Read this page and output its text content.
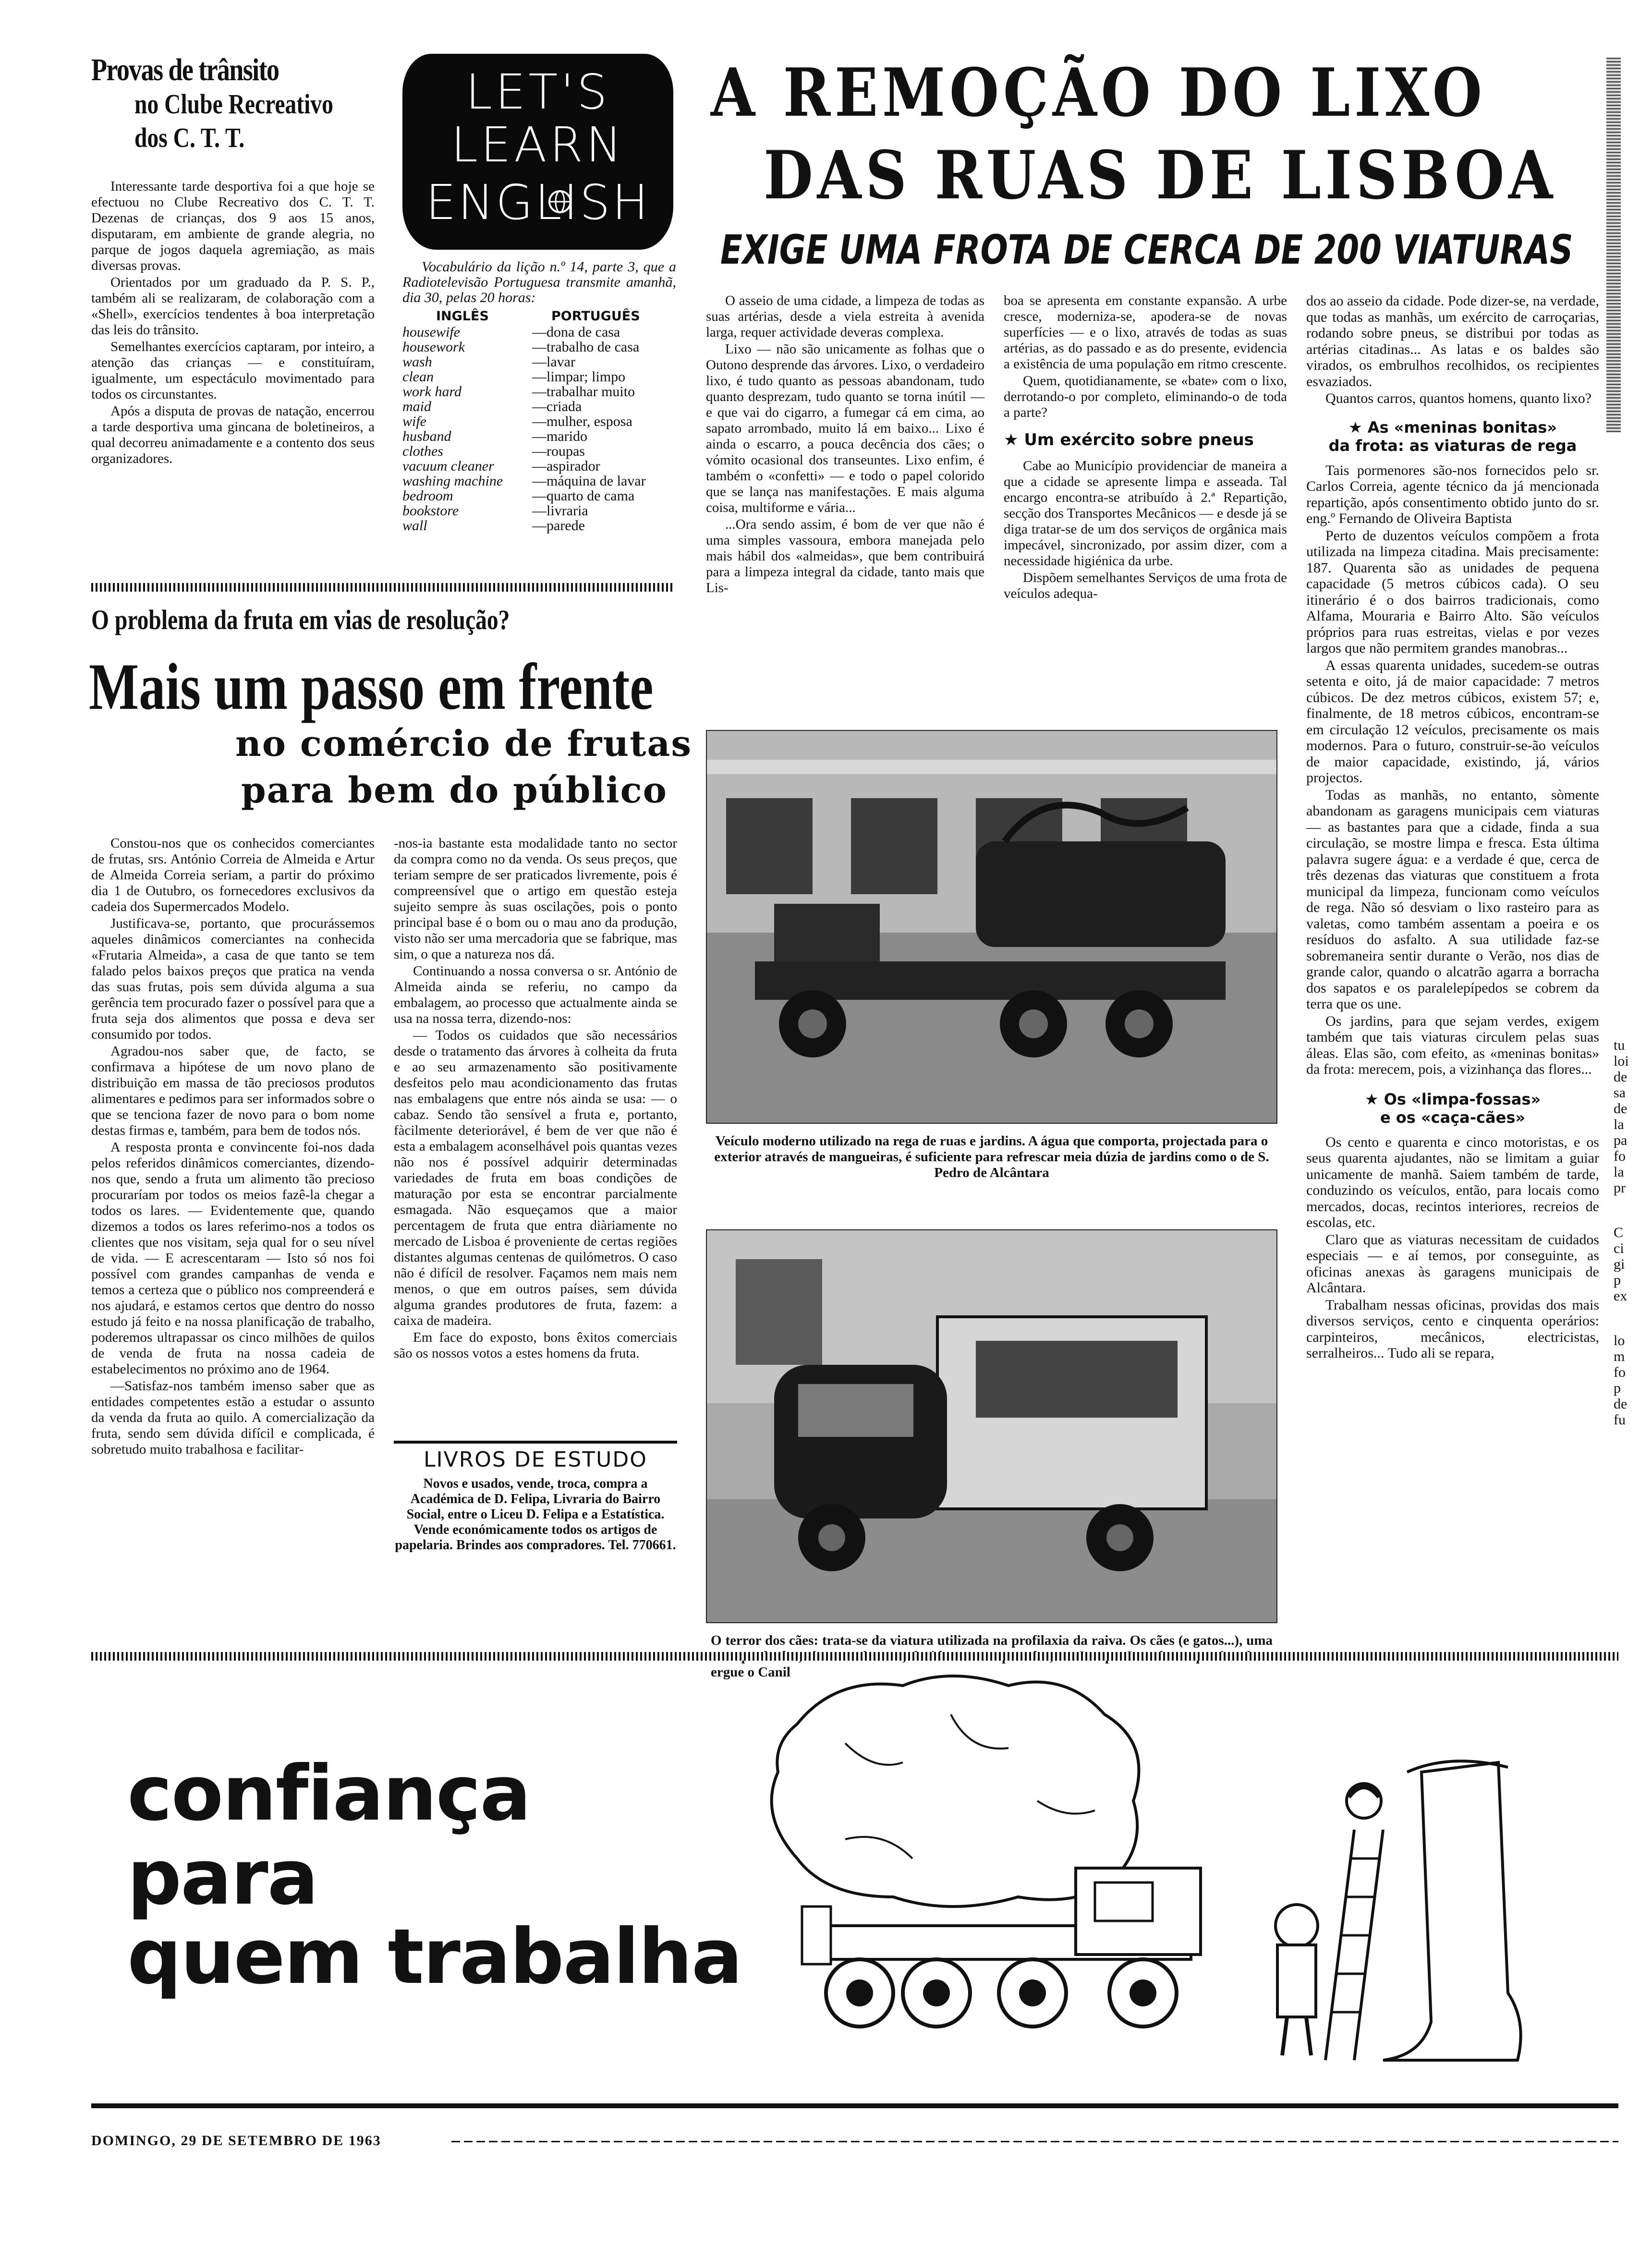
Provas de trânsito
no Clube Recreativo
dos C. T. T.

Interessante tarde desportiva foi a que hoje se efectuou no Clube Recreativo dos C. T. T. Dezenas de crianças, dos 9 aos 15 anos, disputaram, em ambiente de grande alegria, no parque de jogos daquela agremiação, as mais diversas provas.

Orientados por um graduado da P. S. P., também ali se realizaram, de colaboração com a «Shell», exercícios tendentes à boa interpretação das leis do trânsito.

Semelhantes exercícios captaram, por inteiro, a atenção das crianças — e constituíram, igualmente, um espectáculo movimentado para todos os circunstantes.

Após a disputa de provas de natação, encerrou a tarde desportiva uma gincana de boletineiros, a qual decorreu animadamente e a contento dos seus organizadores.

LET'S
LEARN
ENGLISH
Vocabulário da lição n.º 14, parte 3, que a Radiotelevisão Portuguesa transmite amanhã, dia 30, pelas 20 horas:
INGLÊS	PORTUGUÊS
housewife	—dona de casa
housework	—trabalho de casa
wash	—lavar
clean	—limpar; limpo
work hard	—trabalhar muito
maid	—criada
wife	—mulher, esposa
husband	—marido
clothes	—roupas
vacuum cleaner	—aspirador
washing machine	—máquina de lavar
bedroom	—quarto de cama
bookstore	—livraria
wall	—parede
A REMOÇÃO DO LIXO
DAS RUAS DE LISBOA
EXIGE UMA FROTA DE CERCA DE 200 VIATURAS

O asseio de uma cidade, a limpeza de todas as suas artérias, desde a viela estreita à avenida larga, requer actividade deveras complexa.

Lixo — não são unicamente as folhas que o Outono desprende das árvores. Lixo, o verdadeiro lixo, é tudo quanto as pessoas abandonam, tudo quanto desprezam, tudo quanto se torna inútil — e que vai do cigarro, a fumegar cá em cima, ao sapato arrombado, muito lá em baixo... Lixo é ainda o escarro, a pouca decência dos cães; o vómito ocasional dos transeuntes. Lixo enfim, é também o «confetti» — e todo o papel colorido que se lança nas manifestações. E mais alguma coisa, multiforme e vária...

...Ora sendo assim, é bom de ver que não é uma simples vassoura, embora manejada pelo mais hábil dos «almeidas», que bem contribuirá para a limpeza integral da cidade, tanto mais que Lis-

boa se apresenta em constante expansão. A urbe cresce, moderniza-se, apodera-se de novas superfícies — e o lixo, através de todas as suas artérias, as do passado e as do presente, evidencia a existência de uma população em ritmo crescente.

Quem, quotidianamente, se «bate» com o lixo, derrotando-o por completo, eliminando-o de toda a parte?

★ Um exército sobre pneus

Cabe ao Município providenciar de maneira a que a cidade se apresente limpa e asseada. Tal encargo encontra-se atribuído à 2.ª Repartição, secção dos Transportes Mecânicos — e desde já se diga tratar-se de um dos serviços de orgânica mais impecável, sincronizado, por assim dizer, com a necessidade higiénica da urbe.

Dispõem semelhantes Serviços de uma frota de veículos adequa-

dos ao asseio da cidade. Pode dizer-se, na verdade, que todas as manhãs, um exército de carroçarias, rodando sobre pneus, se distribui por todas as artérias citadinas... As latas e os baldes são virados, os embrulhos recolhidos, os recipientes esvaziados.

Quantos carros, quantos homens, quanto lixo?

★ As «meninas bonitas»
da frota: as viaturas de rega

Tais pormenores são-nos fornecidos pelo sr. Carlos Correia, agente técnico da já mencionada repartição, após consentimento obtido junto do sr. eng.º Fernando de Oliveira Baptista

Perto de duzentos veículos compõem a frota utilizada na limpeza citadina. Mais precisamente: 187. Quarenta são as unidades de pequena capacidade (5 metros cúbicos cada). O seu itinerário é o dos bairros tradicionais, como Alfama, Mouraria e Bairro Alto. São veículos próprios para ruas estreitas, vielas e por vezes largos que não permitem grandes manobras...

A essas quarenta unidades, sucedem-se outras setenta e oito, já de maior capacidade: 7 metros cúbicos. De dez metros cúbicos, existem 57; e, finalmente, de 18 metros cúbicos, encontram-se em circulação 12 veículos, precisamente os mais modernos. Para o futuro, construir-se-ão veículos de maior capacidade, existindo, já, vários projectos.

Todas as manhãs, no entanto, sòmente abandonam as garagens municipais cem viaturas — as bastantes para que a cidade, finda a sua circulação, se mostre limpa e fresca. Esta última palavra sugere água: e a verdade é que, cerca de três dezenas das viaturas que constituem a frota municipal da limpeza, funcionam como veículos de rega. Não só desviam o lixo rasteiro para as valetas, como também assentam a poeira e os resíduos do asfalto. A sua utilidade faz-se sobremaneira sentir durante o Verão, nos dias de grande calor, quando o alcatrão agarra a borracha dos sapatos e os paralelepípedos se cobrem da terra que os une.

Os jardins, para que sejam verdes, exigem também que tais viaturas circulem pelas suas áleas. Elas são, com efeito, as «meninas bonitas» da frota: merecem, pois, a vizinhança das flores...

★ Os «limpa-fossas»
e os «caça-cães»

Os cento e quarenta e cinco motoristas, e os seus quarenta ajudantes, não se limitam a guiar unicamente de manhã. Saiem também de tarde, conduzindo os veículos, então, para locais como mercados, docas, recintos interiores, recreios de escolas, etc.

Claro que as viaturas necessitam de cuidados especiais — e aí temos, por conseguinte, as oficinas anexas às garagens municipais de Alcântara.

Trabalham nessas oficinas, providas dos mais diversos serviços, cento e cinquenta operários: carpinteiros, mecânicos, electricistas, serralheiros... Tudo ali se repara,

tu
loi
de
sa
de
la
pa
fo
la
pr
C
ci
gi
p
ex
lo
m
fo
p
de
fu
Veículo moderno utilizado na rega de ruas e jardins. A água que comporta, projectada para o exterior através de mangueiras, é suficiente para refrescar meia dúzia de jardins como o de S. Pedro de Alcântara
O terror dos cães: trata-se da viatura utilizada na profilaxia da raiva. Os cães (e gatos...), uma ergue o Canil
O problema da fruta em vias de resolução?
Mais um passo em frente
no comércio de frutas
para bem do público

Constou-nos que os conhecidos comerciantes de frutas, srs. António Correia de Almeida e Artur de Almeida Correia seriam, a partir do próximo dia 1 de Outubro, os fornecedores exclusivos da cadeia dos Supermercados Modelo.

Justificava-se, portanto, que procurássemos aqueles dinâmicos comerciantes na conhecida «Frutaria Almeida», a casa de que tanto se tem falado pelos baixos preços que pratica na venda das suas frutas, pois sem dúvida alguma a sua gerência tem procurado fazer o possível para que a fruta seja dos alimentos que possa e deva ser consumido por todos.

Agradou-nos saber que, de facto, se confirmava a hipótese de um novo plano de distribuição em massa de tão preciosos produtos alimentares e pedimos para ser informados sobre o que se tenciona fazer de novo para o bom nome destas firmas e, também, para bem de todos nós.

A resposta pronta e convincente foi-nos dada pelos referidos dinâmicos comerciantes, dizendo-nos que, sendo a fruta um alimento tão precioso procuraríam por todos os meios fazê-la chegar a todos os lares. — Evidentemente que, quando dizemos a todos os lares referimo-nos a todos os clientes que nos visitam, seja qual for o seu nível de vida. — E acrescentaram — Isto só nos foi possível com grandes campanhas de venda e temos a certeza que o público nos compreenderá e nos ajudará, e estamos certos que dentro do nosso estudo já feito e na nossa planificação de trabalho, poderemos ultrapassar os cinco milhões de quilos de venda de fruta na nossa cadeia de estabelecimentos no próximo ano de 1964.

—Satisfaz-nos também imenso saber que as entidades competentes estão a estudar o assunto da venda da fruta ao quilo. A comercialização da fruta, sendo sem dúvida difícil e complicada, é sobretudo muito trabalhosa e facilitar-

-nos-ia bastante esta modalidade tanto no sector da compra como no da venda. Os seus preços, que teriam sempre de ser praticados livremente, pois é compreensível que o artigo em questão esteja sujeito sempre às suas oscilações, pois o ponto principal base é o bom ou o mau ano da produção, visto não ser uma mercadoria que se fabrique, mas sim, o que a natureza nos dá.

Continuando a nossa conversa o sr. António de Almeida ainda se referiu, no campo da embalagem, ao processo que actualmente ainda se usa na nossa terra, dizendo-nos:

— Todos os cuidados que são necessários desde o tratamento das árvores à colheita da fruta e ao seu armazenamento são positivamente desfeitos pelo mau acondicionamento das frutas nas embalagens que entre nós ainda se usa: — o cabaz. Sendo tão sensível a fruta e, portanto, fàcilmente deteriorável, é bem de ver que não é esta a embalagem aconselhável pois quantas vezes não nos é possível adquirir determinadas variedades de fruta em boas condições de maturação por esta se encontrar parcialmente esmagada. Não esqueçamos que a maior percentagem de fruta que entra diàriamente no mercado de Lisboa é proveniente de certas regiões distantes algumas centenas de quilómetros. O caso não é difícil de resolver. Façamos nem mais nem menos, o que em outros países, sem dúvida alguma grandes produtores de fruta, fazem: a caixa de madeira.

Em face do exposto, bons êxitos comerciais são os nossos votos a estes homens da fruta.

LIVROS DE ESTUDO
Novos e usados, vende, troca, compra a Académica de D. Felipa, Livraria do Bairro Social, entre o Liceu D. Felipa e a Estatística. Vende económicamente todos os artigos de papelaria. Brindes aos compradores. Tel. 770661.
confiança
para
quem trabalha
DOMINGO, 29 DE SETEMBRO DE 1963
